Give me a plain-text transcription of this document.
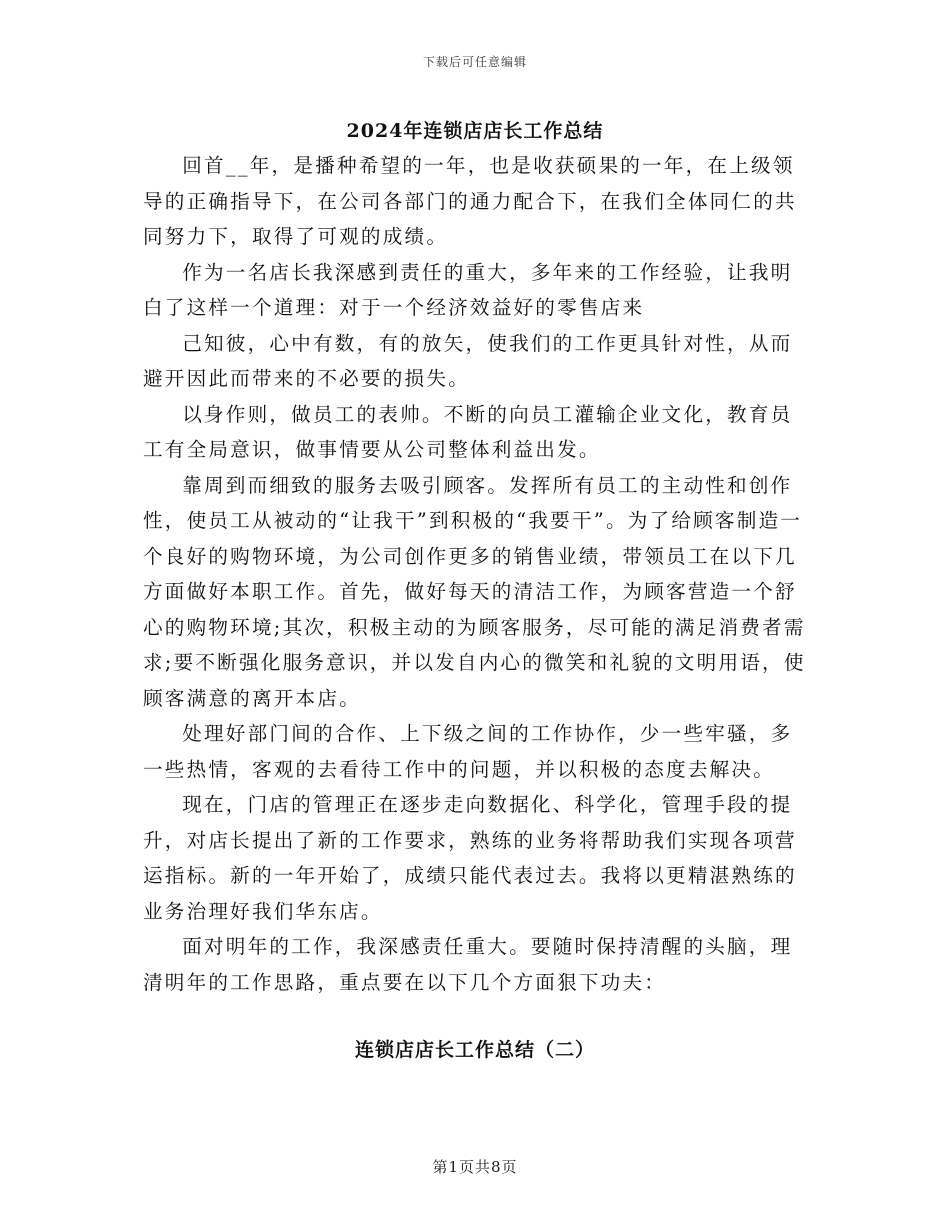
下载后可任意编辑
2024年连锁店店长工作总结

回首__年，是播种希望的一年，也是收获硕果的一年，在上级领导的正确指导下，在公司各部门的通力配合下，在我们全体同仁的共同努力下，取得了可观的成绩。

作为一名店长我深感到责任的重大，多年来的工作经验，让我明白了这样一个道理：对于一个经济效益好的零售店来

己知彼，心中有数，有的放矢，使我们的工作更具针对性，从而避开因此而带来的不必要的损失。

以身作则，做员工的表帅。不断的向员工灌输企业文化，教育员工有全局意识，做事情要从公司整体利益出发。

靠周到而细致的服务去吸引顾客。发挥所有员工的主动性和创作性，使员工从被动的“让我干”到积极的“我要干”。为了给顾客制造一个良好的购物环境，为公司创作更多的销售业绩，带领员工在以下几方面做好本职工作。首先，做好每天的清洁工作，为顾客营造一个舒心的购物环境;其次，积极主动的为顾客服务，尽可能的满足消费者需求;要不断强化服务意识，并以发自内心的微笑和礼貌的文明用语，使顾客满意的离开本店。

处理好部门间的合作、上下级之间的工作协作，少一些牢骚，多一些热情，客观的去看待工作中的问题，并以积极的态度去解决。

现在，门店的管理正在逐步走向数据化、科学化，管理手段的提升，对店长提出了新的工作要求，熟练的业务将帮助我们实现各项营运指标。新的一年开始了，成绩只能代表过去。我将以更精湛熟练的业务治理好我们华东店。

面对明年的工作，我深感责任重大。要随时保持清醒的头脑，理清明年的工作思路，重点要在以下几个方面狠下功夫：

连锁店店长工作总结（二）
第1页共8页
